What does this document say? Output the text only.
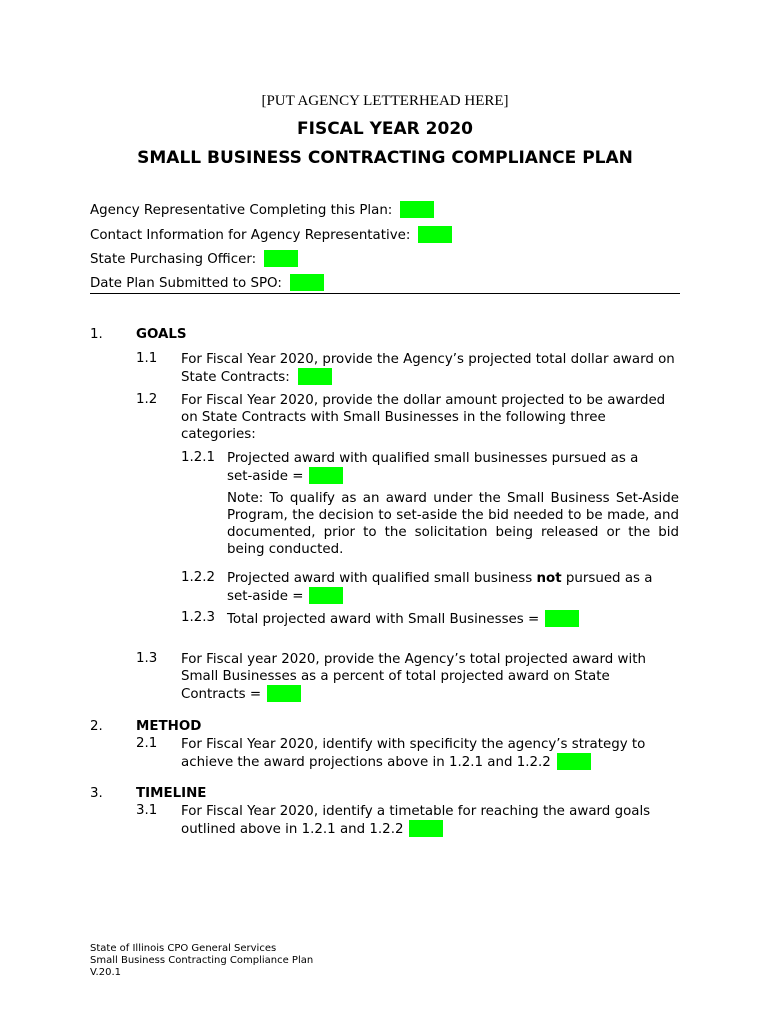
[PUT AGENCY LETTERHEAD HERE]
FISCAL YEAR 2020
SMALL BUSINESS CONTRACTING COMPLIANCE PLAN
Agency Representative Completing this Plan:
Contact Information for Agency Representative:
State Purchasing Officer:
Date Plan Submitted to SPO:
1. GOALS
1.1 For Fiscal Year 2020, provide the Agency’s projected total dollar award on State Contracts:
1.2 For Fiscal Year 2020, provide the dollar amount projected to be awarded on State Contracts with Small Businesses in the following three categories:
1.2.1 Projected award with qualified small businesses pursued as a set-aside =
Note: To qualify as an award under the Small Business Set-Aside Program, the decision to set-aside the bid needed to be made, and documented, prior to the solicitation being released or the bid being conducted.
1.2.2 Projected award with qualified small business not pursued as a set-aside =
1.2.3 Total projected award with Small Businesses =
1.3 For Fiscal year 2020, provide the Agency’s total projected award with Small Businesses as a percent of total projected award on State Contracts =
2. METHOD
2.1 For Fiscal Year 2020, identify with specificity the agency’s strategy to achieve the award projections above in 1.2.1 and 1.2.2
3. TIMELINE
3.1 For Fiscal Year 2020, identify a timetable for reaching the award goals outlined above in 1.2.1 and 1.2.2
State of Illinois CPO General Services
Small Business Contracting Compliance Plan
V.20.1
